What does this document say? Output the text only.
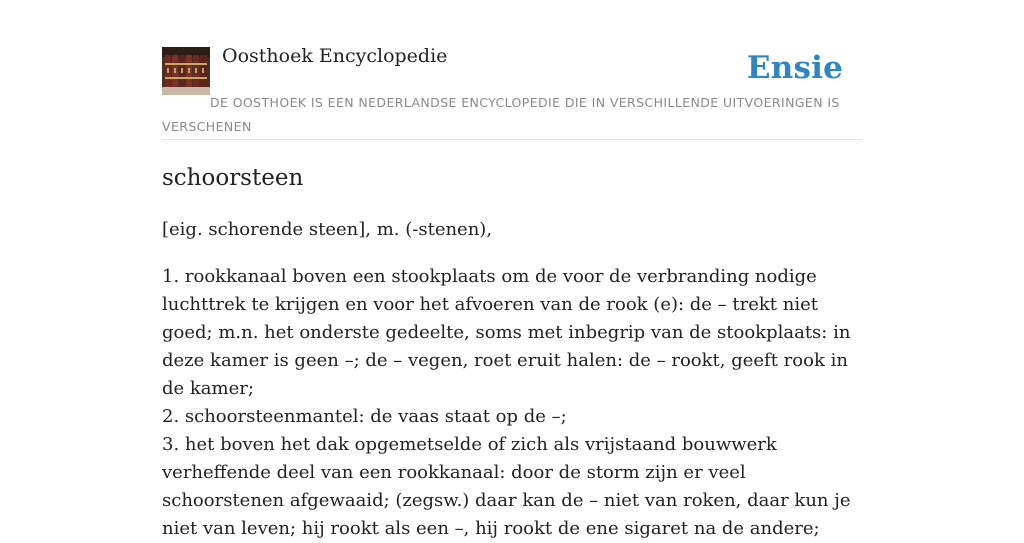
Oosthoek Encyclopedie	Ensie
DE OOSTHOEK IS EEN NEDERLANDSE ENCYCLOPEDIE DIE IN VERSCHILLENDE UITVOERINGEN IS VERSCHENEN
schoorsteen

[eig. schorende steen], m. (-stenen),

1. rookkanaal boven een stookplaats om de voor de verbranding nodige luchttrek te krijgen en voor het afvoeren van de rook (e): de – trekt niet goed; m.n. het onderste gedeelte, soms met inbegrip van de stookplaats: in deze kamer is geen –; de – vegen, roet eruit halen: de – rookt, geeft rook in de kamer;
2. schoorsteenmantel: de vaas staat op de –;
3. het boven het dak opgemetselde of zich als vrijstaand bouwwerk verheffende deel van een rookkanaal: door de storm zijn er veel schoorstenen afgewaaid; (zegsw.) daar kan de – niet van roken, daar kun je niet van leven; hij rookt als een –, hij rookt de ene sigaret na de andere;
